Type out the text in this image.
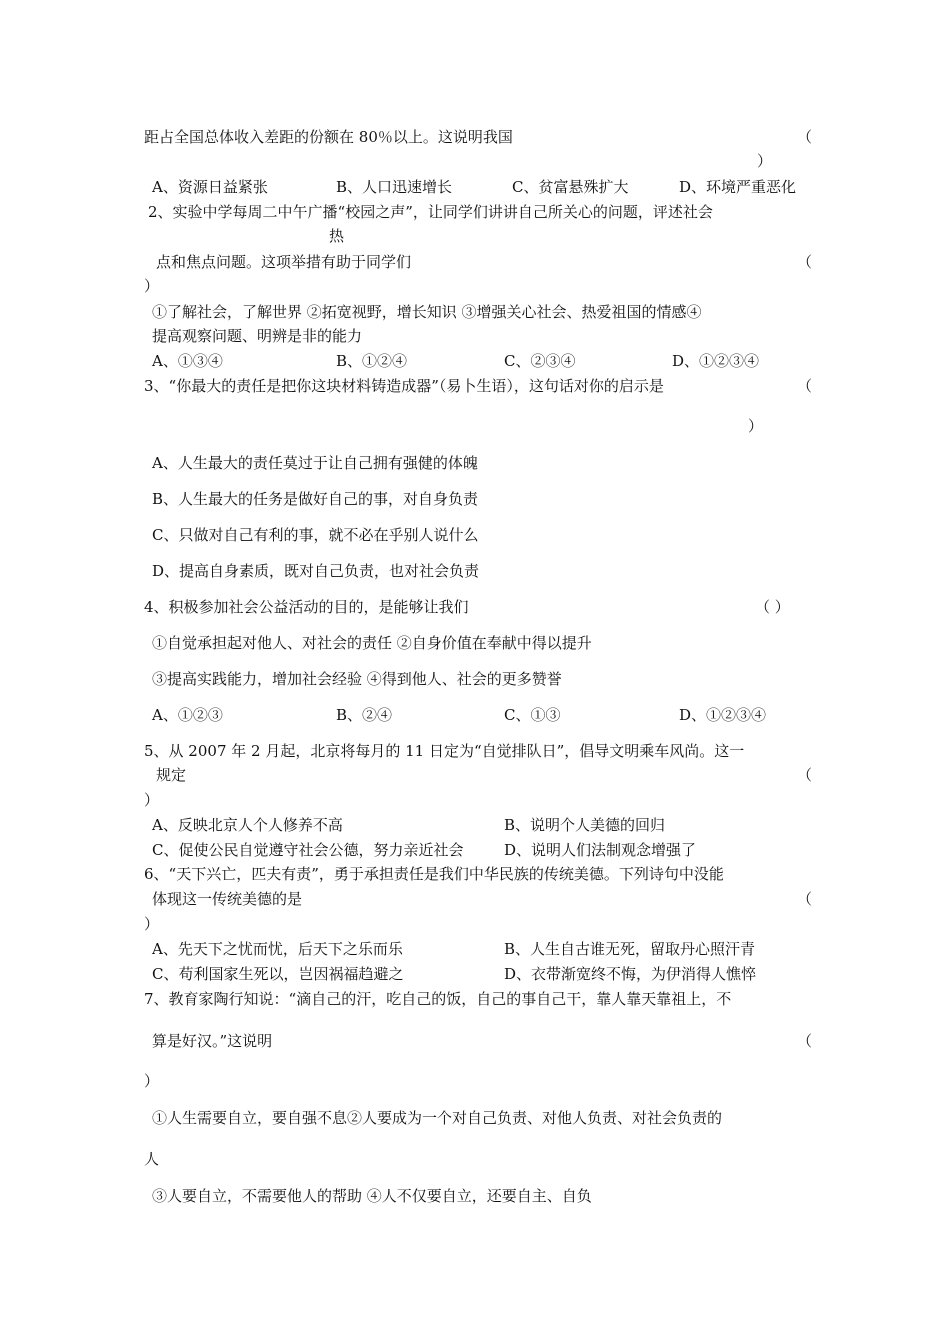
距占全国总体收入差距的份额在 80％以上。这说明我国	（
）
A、资源日益紧张	B、人口迅速增长	C、贫富悬殊扩大	D、环境严重恶化
2、实验中学每周二中午广播“校园之声”，让同学们讲讲自己所关心的问题，评述社会
热
点和焦点问题。这项举措有助于同学们	（
）
①了解社会，了解世界 ②拓宽视野，增长知识 ③增强关心社会、热爱祖国的情感④
提高观察问题、明辨是非的能力
A、①③④	B、①②④	C、②③④	D、①②③④
3、“你最大的责任是把你这块材料铸造成器”（易卜生语），这句话对你的启示是	（
）
A、人生最大的责任莫过于让自己拥有强健的体魄
B、人生最大的任务是做好自己的事，对自身负责
C、只做对自己有利的事，就不必在乎别人说什么
D、提高自身素质，既对自己负责，也对社会负责
4、积极参加社会公益活动的目的，是能够让我们	（ ）
①自觉承担起对他人、对社会的责任 ②自身价值在奉献中得以提升
③提高实践能力，增加社会经验 ④得到他人、社会的更多赞誉
A、①②③	B、②④	C、①③	D、①②③④
5、从 2007 年 2 月起，北京将每月的 11 日定为“自觉排队日”，倡导文明乘车风尚。这一
规定	（
）
A、反映北京人个人修养不高	B、说明个人美德的回归
C、促使公民自觉遵守社会公德，努力亲近社会	D、说明人们法制观念增强了
6、“天下兴亡，匹夫有责”，勇于承担责任是我们中华民族的传统美德。下列诗句中没能
体现这一传统美德的是	（
）
A、先天下之忧而忧，后天下之乐而乐	B、人生自古谁无死，留取丹心照汗青
C、苟利国家生死以，岂因祸福趋避之	D、衣带渐宽终不悔，为伊消得人憔悴
7、教育家陶行知说：“滴自己的汗，吃自己的饭，自己的事自己干，靠人靠天靠祖上，不
算是好汉。”这说明	（
）
①人生需要自立，要自强不息②人要成为一个对自己负责、对他人负责、对社会负责的
人
③人要自立，不需要他人的帮助 ④人不仅要自立，还要自主、自负
